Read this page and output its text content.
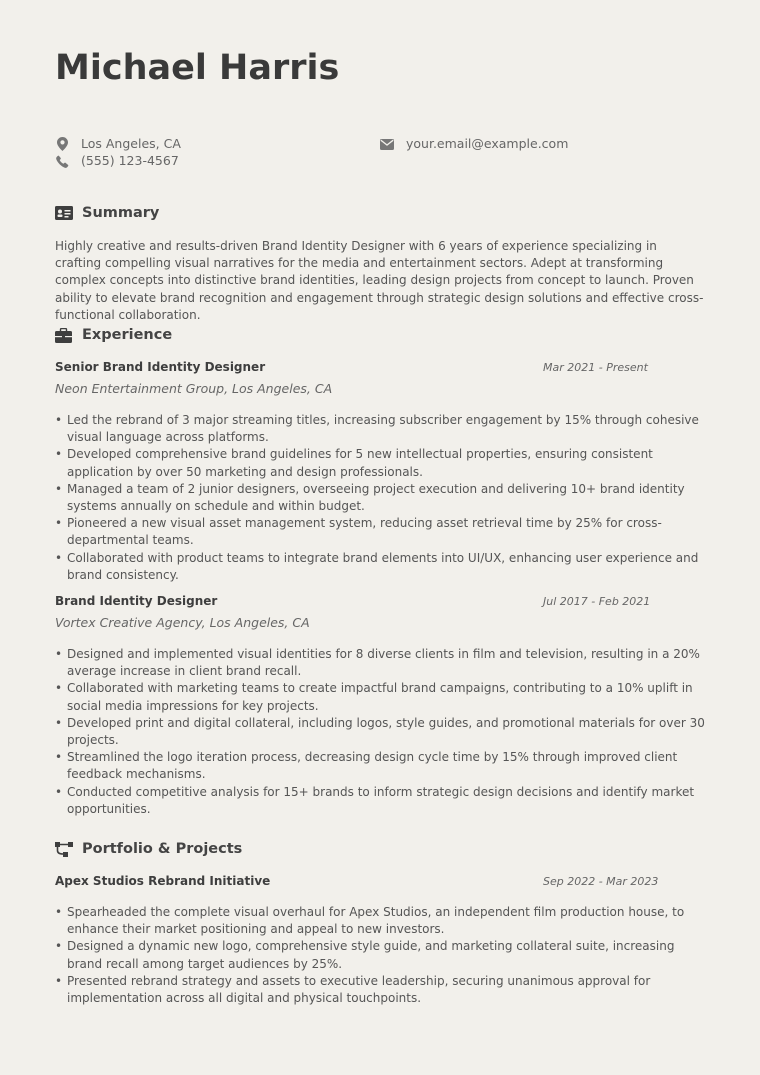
Michael Harris
Los Angeles, CA
(555) 123-4567
your.email@example.com
Summary

Highly creative and results-driven Brand Identity Designer with 6 years of experience specializing in crafting compelling visual narratives for the media and entertainment sectors. Adept at transforming complex concepts into distinctive brand identities, leading design projects from concept to launch. Proven ability to elevate brand recognition and engagement through strategic design solutions and effective cross-functional collaboration.

Experience
Senior Brand Identity Designer	Mar 2021 - Present
Neon Entertainment Group, Los Angeles, CA
• Led the rebrand of 3 major streaming titles, increasing subscriber engagement by 15% through cohesive visual language across platforms.
• Developed comprehensive brand guidelines for 5 new intellectual properties, ensuring consistent application by over 50 marketing and design professionals.
• Managed a team of 2 junior designers, overseeing project execution and delivering 10+ brand identity systems annually on schedule and within budget.
• Pioneered a new visual asset management system, reducing asset retrieval time by 25% for cross-departmental teams.
• Collaborated with product teams to integrate brand elements into UI/UX, enhancing user experience and brand consistency.
Brand Identity Designer	Jul 2017 - Feb 2021
Vortex Creative Agency, Los Angeles, CA
• Designed and implemented visual identities for 8 diverse clients in film and television, resulting in a 20% average increase in client brand recall.
• Collaborated with marketing teams to create impactful brand campaigns, contributing to a 10% uplift in social media impressions for key projects.
• Developed print and digital collateral, including logos, style guides, and promotional materials for over 30 projects.
• Streamlined the logo iteration process, decreasing design cycle time by 15% through improved client feedback mechanisms.
• Conducted competitive analysis for 15+ brands to inform strategic design decisions and identify market opportunities.
Portfolio & Projects
Apex Studios Rebrand Initiative	Sep 2022 - Mar 2023
• Spearheaded the complete visual overhaul for Apex Studios, an independent film production house, to enhance their market positioning and appeal to new investors.
• Designed a dynamic new logo, comprehensive style guide, and marketing collateral suite, increasing brand recall among target audiences by 25%.
• Presented rebrand strategy and assets to executive leadership, securing unanimous approval for implementation across all digital and physical touchpoints.
